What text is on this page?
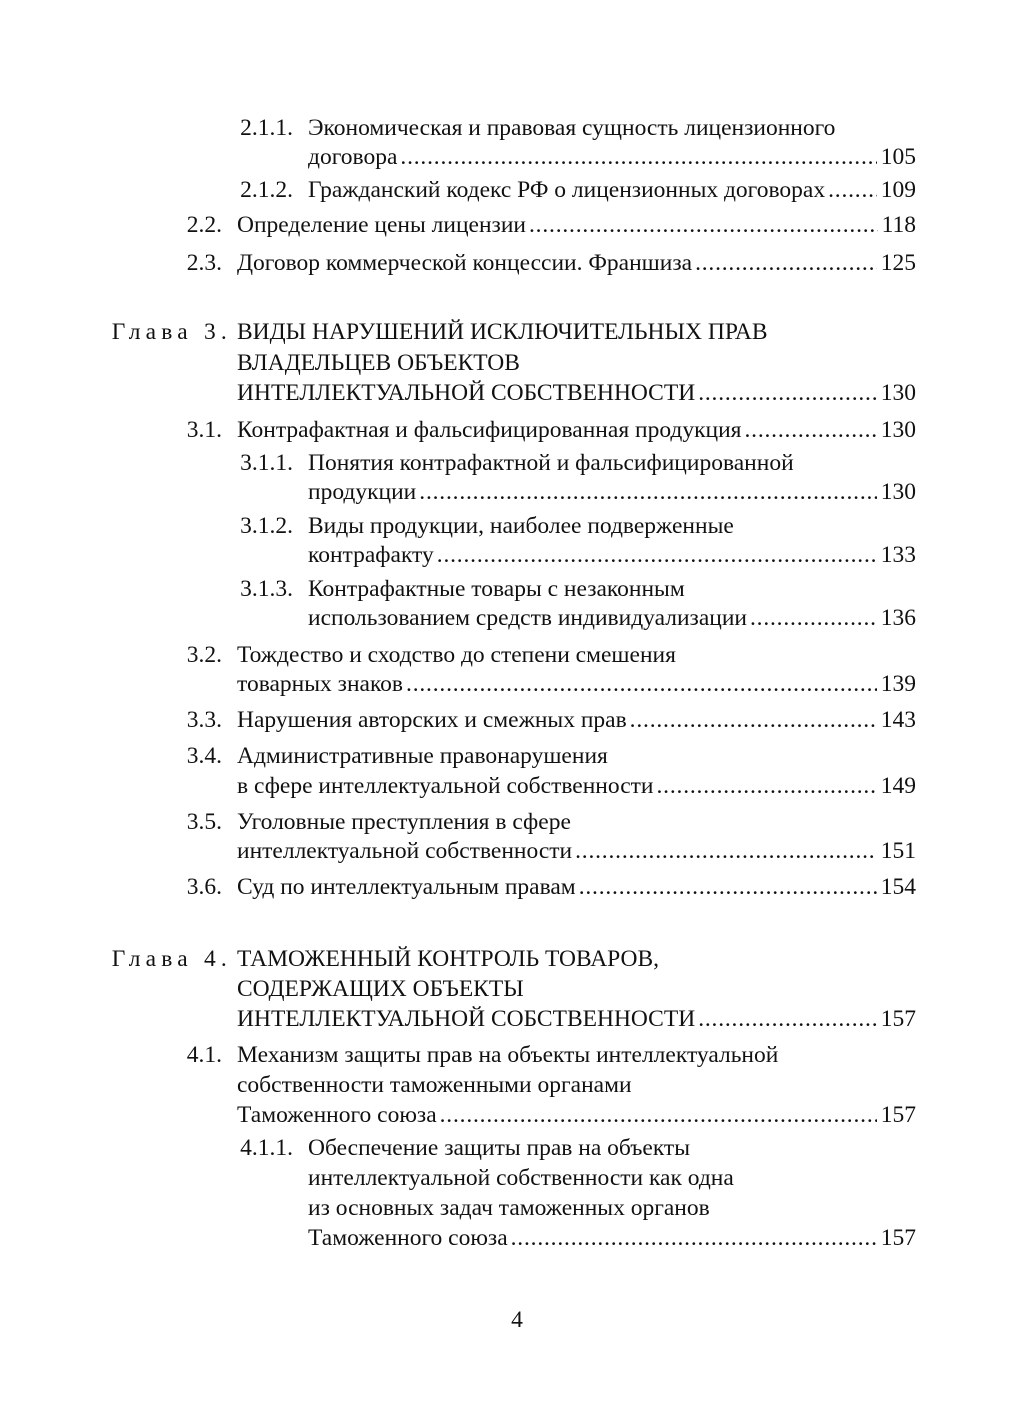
2.1.1. Экономическая и правовая сущность лицензионного
договора .....	105
2.1.2. Гражданский кодекс РФ о лицензионных договорах ..... 109
2.2. Определение цены лицензии .....	118
2.3. Договор коммерческой концессии. Франшиза .....	125
Глава 3. ВИДЫ НАРУШЕНИЙ ИСКЛЮЧИТЕЛЬНЫХ ПРАВ
ВЛАДЕЛЬЦЕВ ОБЪЕКТОВ
ИНТЕЛЛЕКТУАЛЬНОЙ СОБСТВЕННОСТИ .....	130
3.1. Контрафактная и фальсифицированная продукция .....	130
3.1.1. Понятия контрафактной и фальсифицированной
продукции .....	130
3.1.2. Виды продукции, наиболее подверженные
контрафакту .....	133
3.1.3. Контрафактные товары с незаконным
использованием средств индивидуализации .....	136
3.2. Тождество и сходство до степени смешения
товарных знаков .....	139
3.3. Нарушения авторских и смежных прав .....	143
3.4. Административные правонарушения
в сфере интеллектуальной собственности .....	149
3.5. Уголовные преступления в сфере
интеллектуальной собственности .....	151
3.6. Суд по интеллектуальным правам .....	154
Глава 4. ТАМОЖЕННЫЙ КОНТРОЛЬ ТОВАРОВ,
СОДЕРЖАЩИХ ОБЪЕКТЫ
ИНТЕЛЛЕКТУАЛЬНОЙ СОБСТВЕННОСТИ .....	157
4.1. Механизм защиты прав на объекты интеллектуальной
собственности таможенными органами
Таможенного союза .....	157
4.1.1. Обеспечение защиты прав на объекты
интеллектуальной собственности как одна
из основных задач таможенных органов
Таможенного союза .....	157
4
